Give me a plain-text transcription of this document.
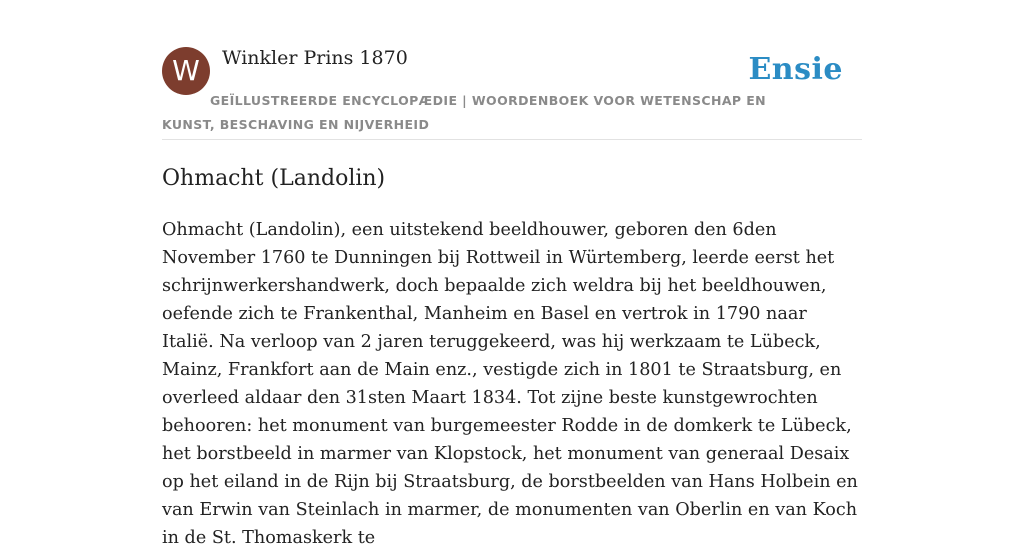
W	Winkler Prins 1870	Ensie
GEÏLLUSTREERDE ENCYCLOPÆDIE | WOORDENBOEK VOOR WETENSCHAP EN KUNST, BESCHAVING EN NIJVERHEID
Ohmacht (Landolin)

Ohmacht (Landolin), een uitstekend beeldhouwer, geboren den 6den November 1760 te Dunningen bij Rottweil in Würtemberg, leerde eerst het schrijnwerkershandwerk, doch bepaalde zich weldra bij het beeldhouwen, oefende zich te Frankenthal, Manheim en Basel en vertrok in 1790 naar Italië. Na verloop van 2 jaren teruggekeerd, was hij werkzaam te Lübeck, Mainz, Frankfort aan de Main enz., vestigde zich in 1801 te Straatsburg, en overleed aldaar den 31sten Maart 1834. Tot zijne beste kunstgewrochten behooren: het monument van burgemeester Rodde in de domkerk te Lübeck, het borstbeeld in marmer van Klopstock, het monument van generaal Desaix op het eiland in de Rijn bij Straatsburg, de borstbeelden van Hans Holbein en van Erwin van Steinlach in marmer, de monumenten van Oberlin en van Koch in de St. Thomaskerk te
